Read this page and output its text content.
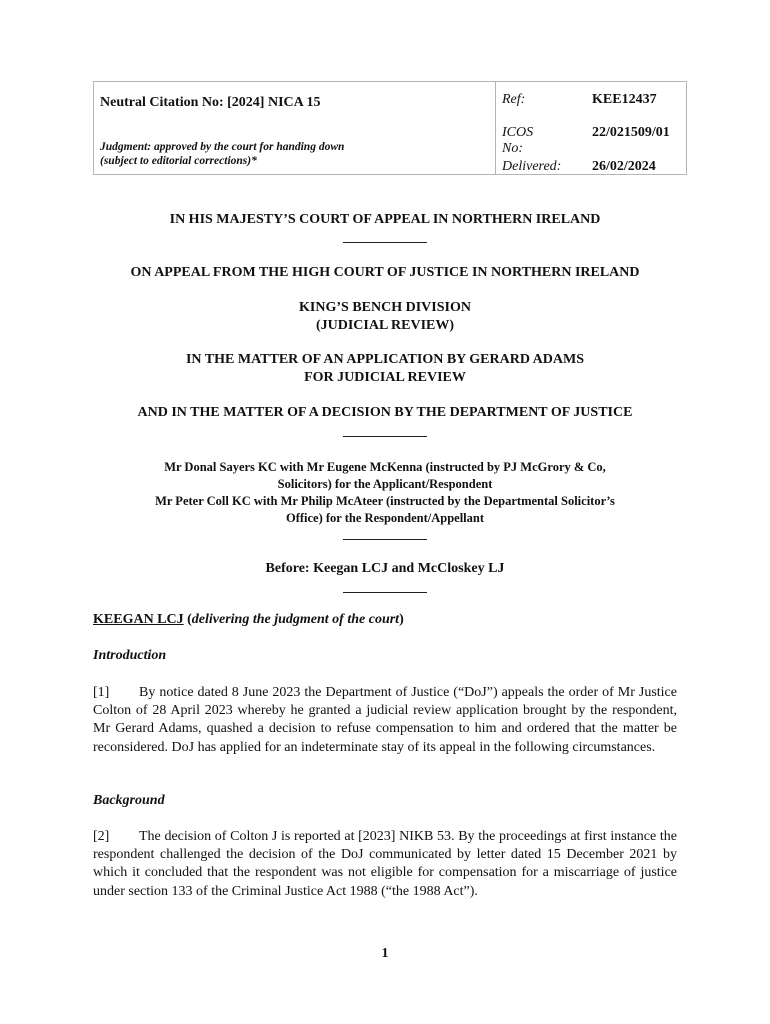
Neutral Citation No: [2024] NICA 15
Judgment: approved by the court for handing down
(subject to editorial corrections)*
Ref:	KEE12437
ICOS No:
22/021509/01
Delivered: 26/02/2024
IN HIS MAJESTY’S COURT OF APPEAL IN NORTHERN IRELAND
ON APPEAL FROM THE HIGH COURT OF JUSTICE IN NORTHERN IRELAND
KING’S BENCH DIVISION
(JUDICIAL REVIEW)
IN THE MATTER OF AN APPLICATION BY GERARD ADAMS
FOR JUDICIAL REVIEW
AND IN THE MATTER OF A DECISION BY THE DEPARTMENT OF JUSTICE
Mr Donal Sayers KC with Mr Eugene McKenna (instructed by PJ McGrory & Co,
Solicitors) for the Applicant/Respondent
Mr Peter Coll KC with Mr Philip McAteer (instructed by the Departmental Solicitor’s
Office) for the Respondent/Appellant
Before: Keegan LCJ and McCloskey LJ
KEEGAN LCJ (delivering the judgment of the court)
Introduction
[1] By notice dated 8 June 2023 the Department of Justice (“DoJ”) appeals the order of Mr Justice Colton of 28 April 2023 whereby he granted a judicial review application brought by the respondent, Mr Gerard Adams, quashed a decision to refuse compensation to him and ordered that the matter be reconsidered. DoJ has applied for an indeterminate stay of its appeal in the following circumstances.
Background
[2] The decision of Colton J is reported at [2023] NIKB 53. By the proceedings at first instance the respondent challenged the decision of the DoJ communicated by letter dated 15 December 2021 by which it concluded that the respondent was not eligible for compensation for a miscarriage of justice under section 133 of the Criminal Justice Act 1988 (“the 1988 Act”).
1
